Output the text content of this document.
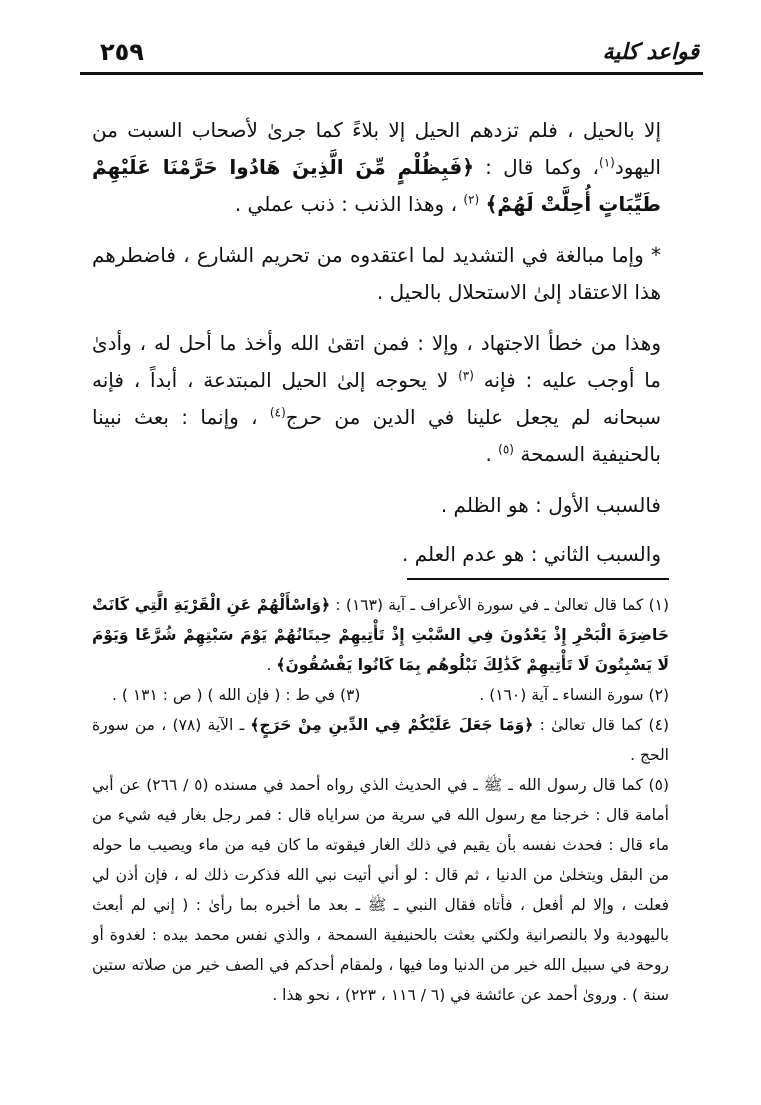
قواعد كلية
٢٥٩

إلا بالحيل ، فلم تزدهم الحيل إلا بلاءً كما جرىٰ لأصحاب السبت من اليهود$^{(١)}$، وكما قال : ﴿فَبِظُلْمٍ مِّنَ الَّذِينَ هَادُوا حَرَّمْنَا عَلَيْهِمْ طَيِّبَاتٍ أُحِلَّتْ لَهُمْ﴾ $^{(٢)}$ ، وهذا الذنب : ذنب عملي .

* وإما مبالغة في التشديد لما اعتقدوه من تحريم الشارع ، فاضطرهم هذا الاعتقاد إلىٰ الاستحلال بالحيل .

وهذا من خطأ الاجتهاد ، وإلا : فمن اتقىٰ الله وأخذ ما أحل له ، وأدىٰ ما أوجب عليه : فإنه $^{(٣)}$ لا يحوجه إلىٰ الحيل المبتدعة ، أبداً ، فإنه سبحانه لم يجعل علينا في الدين من حرج$^{(٤)}$ ، وإنما : بعث نبينا بالحنيفية السمحة $^{(٥)}$ .

فالسبب الأول : هو الظلم .

والسبب الثاني : هو عدم العلم .

(١) كما قال تعالىٰ ـ في سورة الأعراف ـ آية (١٦٣) : ﴿وَاسْأَلْهُمْ عَنِ الْقَرْيَةِ الَّتِي كَانَتْ حَاضِرَةَ الْبَحْرِ إِذْ يَعْدُونَ فِي السَّبْتِ إِذْ تَأْتِيهِمْ حِيتَانُهُمْ يَوْمَ سَبْتِهِمْ شُرَّعًا وَيَوْمَ لَا يَسْبِتُونَ لَا تَأْتِيهِمْ كَذَٰلِكَ نَبْلُوهُم بِمَا كَانُوا يَفْسُقُونَ﴾ .

(٢) سورة النساء ـ آية (١٦٠) .
(٣) في ط : ( فإن الله ) ( ص : ١٣١ ) .

(٤) كما قال تعالىٰ : ﴿وَمَا جَعَلَ عَلَيْكُمْ فِي الدِّينِ مِنْ حَرَجٍ﴾ ـ الآية (٧٨) ، من سورة الحج .

(٥) كما قال رسول الله ـ ﷺ ـ في الحديث الذي رواه أحمد في مسنده (٥ / ٢٦٦) عن أبي أمامة قال : خرجنا مع رسول الله في سرية من سراياه قال : فمر رجل بغار فيه شيء من ماء قال : فحدث نفسه بأن يقيم في ذلك الغار فيقوته ما كان فيه من ماء ويصيب ما حوله من البقل ويتخلىٰ من الدنيا ، ثم قال : لو أني أتيت نبي الله فذكرت ذلك له ، فإن أذن لي فعلت ، وإلا لم أفعل ، فأتاه فقال النبي ـ ﷺ ـ بعد ما أخبره بما رأىٰ : ( إني لم أبعث باليهودية ولا بالنصرانية ولكني بعثت بالحنيفية السمحة ، والذي نفس محمد بيده : لغدوة أو روحة في سبيل الله خير من الدنيا وما فيها ، ولمقام أحدكم في الصف خير من صلاته ستين سنة ) . وروىٰ أحمد عن عائشة في (٦ / ١١٦ ، ٢٢٣) ، نحو هذا .
